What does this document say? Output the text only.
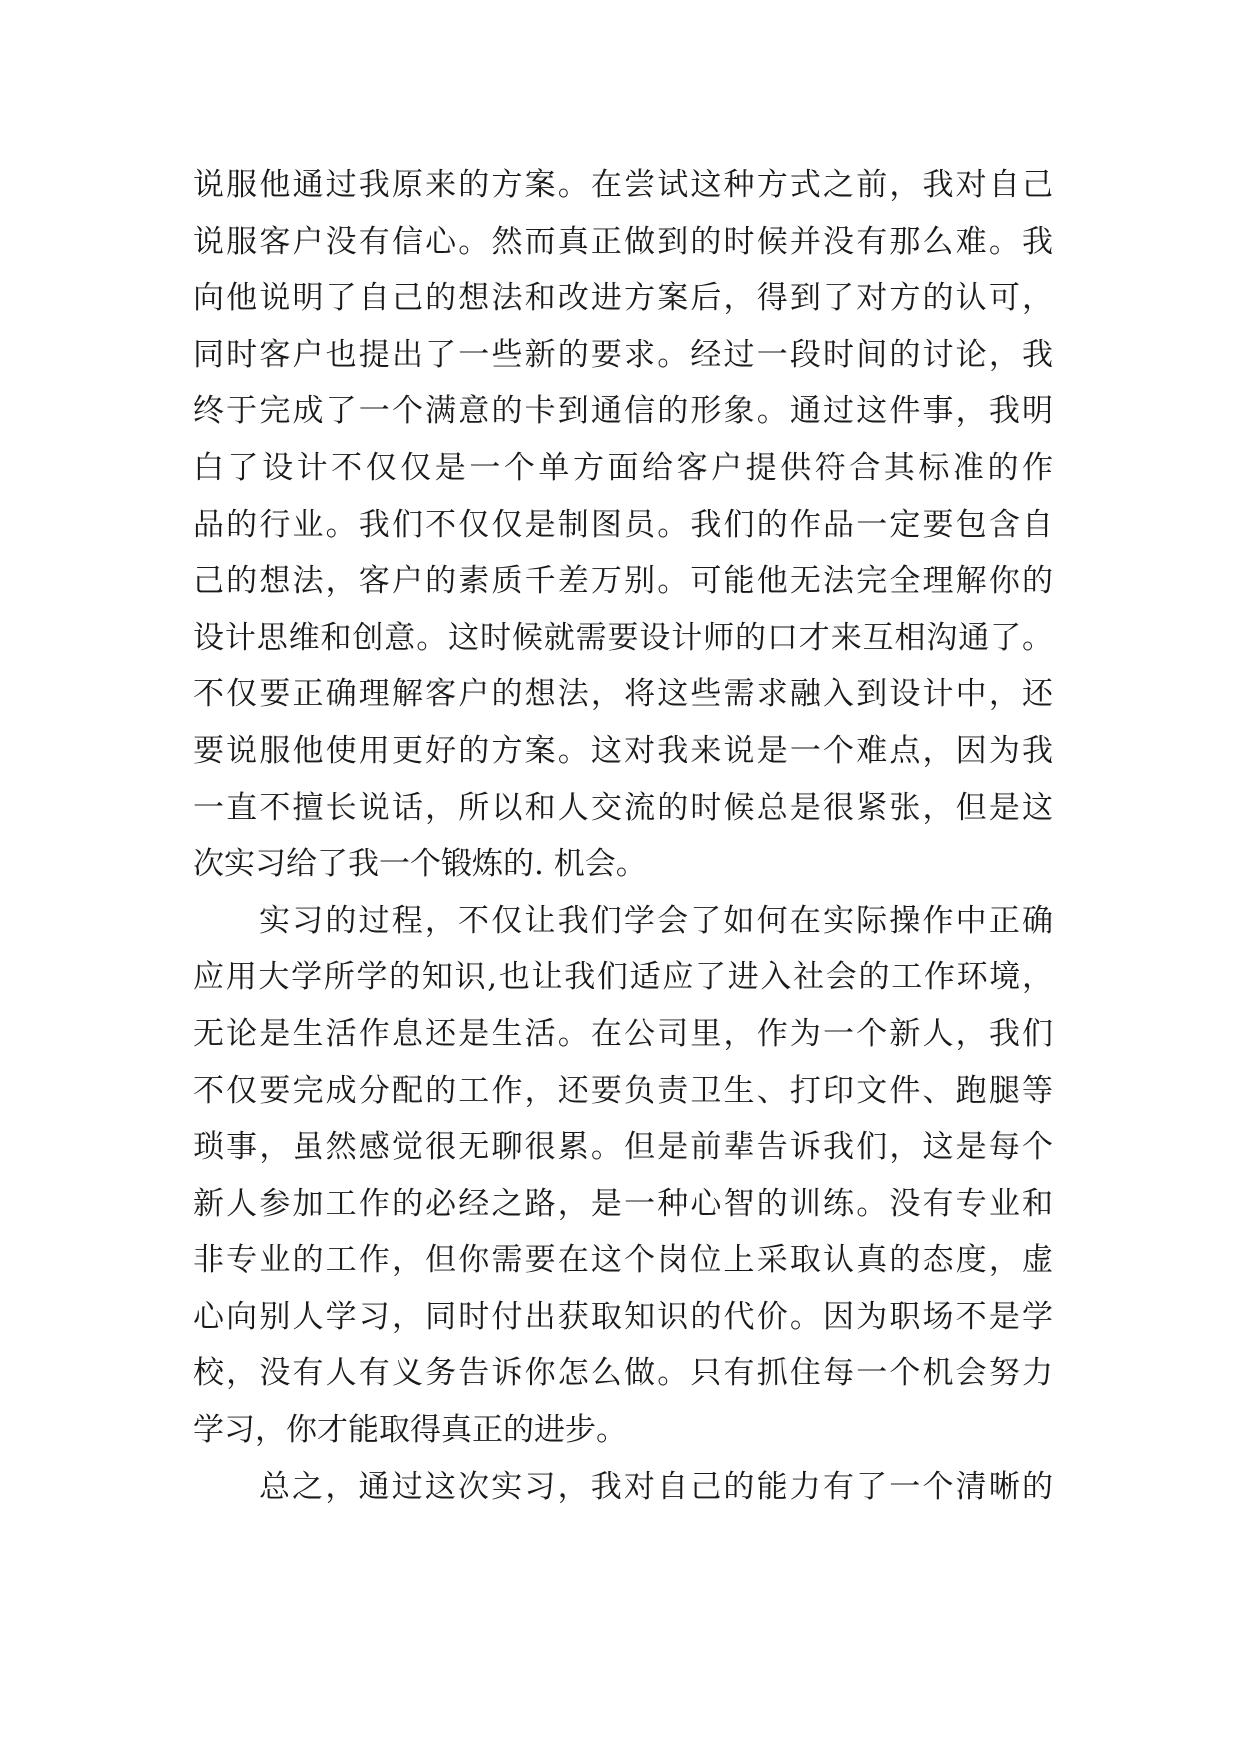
说服他通过我原来的方案。在尝试这种方式之前，我对自己
说服客户没有信心。然而真正做到的时候并没有那么难。我
向他说明了自己的想法和改进方案后，得到了对方的认可，
同时客户也提出了一些新的要求。经过一段时间的讨论，我
终于完成了一个满意的卡到通信的形象。通过这件事，我明
白了设计不仅仅是一个单方面给客户提供符合其标准的作
品的行业。我们不仅仅是制图员。我们的作品一定要包含自
己的想法，客户的素质千差万别。可能他无法完全理解你的
设计思维和创意。这时候就需要设计师的口才来互相沟通了。
不仅要正确理解客户的想法，将这些需求融入到设计中，还
要说服他使用更好的方案。这对我来说是一个难点，因为我
一直不擅长说话，所以和人交流的时候总是很紧张，但是这
次实习给了我一个锻炼的. 机会。
实习的过程，不仅让我们学会了如何在实际操作中正确
应用大学所学的知识,也让我们适应了进入社会的工作环境，
无论是生活作息还是生活。在公司里，作为一个新人，我们
不仅要完成分配的工作，还要负责卫生、打印文件、跑腿等
琐事，虽然感觉很无聊很累。但是前辈告诉我们，这是每个
新人参加工作的必经之路，是一种心智的训练。没有专业和
非专业的工作，但你需要在这个岗位上采取认真的态度，虚
心向别人学习，同时付出获取知识的代价。因为职场不是学
校，没有人有义务告诉你怎么做。只有抓住每一个机会努力
学习，你才能取得真正的进步。
总之，通过这次实习，我对自己的能力有了一个清晰的
